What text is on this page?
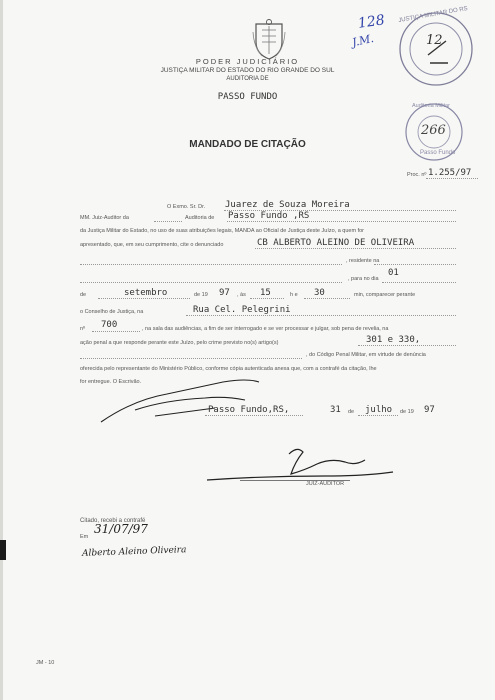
PODER JUDICIÁRIO
JUSTIÇA MILITAR DO ESTADO DO RIO GRANDE DO SUL
AUDITORIA DE
PASSO FUNDO
MANDADO DE CITAÇÃO
JUSTIÇA MILITAR DO RS
12
Auditoria Militar
266
Passo Fundo
128
J.M.
Proc. nº 1.255/97
O Exmo. Sr. Dr. Juarez de Souza Moreira
MM. Juiz-Auditor da	Auditoria de Passo Fundo ,RS
da Justiça Militar do Estado, no uso de suas atribuições legais, MANDA ao Oficial de Justiça deste Juízo, a quem for
apresentado, que, em seu cumprimento, cite o denunciado	CB ALBERTO ALEINO DE OLIVEIRA
, residente na
, para no dia
01
de	setembro	de 19 97 , às 15	h e 30	min, comparecer perante
o Conselho de Justiça, na	Rua Cel. Pelegrini
nº 700	, na sala das audiências, a fim de ser interrogado e se ver processar e julgar, sob pena de revelia, na
ação penal a que responde perante este Juízo, pelo crime previsto no(s) artigo(s)	301 e 330,
, do Código Penal Militar, em virtude de denúncia
oferecida pelo representante do Ministério Público, conforme cópia autenticada anexa que, com a contrafé da citação, lhe
for entregue. O Escrivão.
Passo Fundo,RS,	31 de julho de 19 97
JUIZ-AUDITOR
Citado, recebi a contrafé
Em
31/07/97
Alberto Aleino Oliveira
JM - 10
